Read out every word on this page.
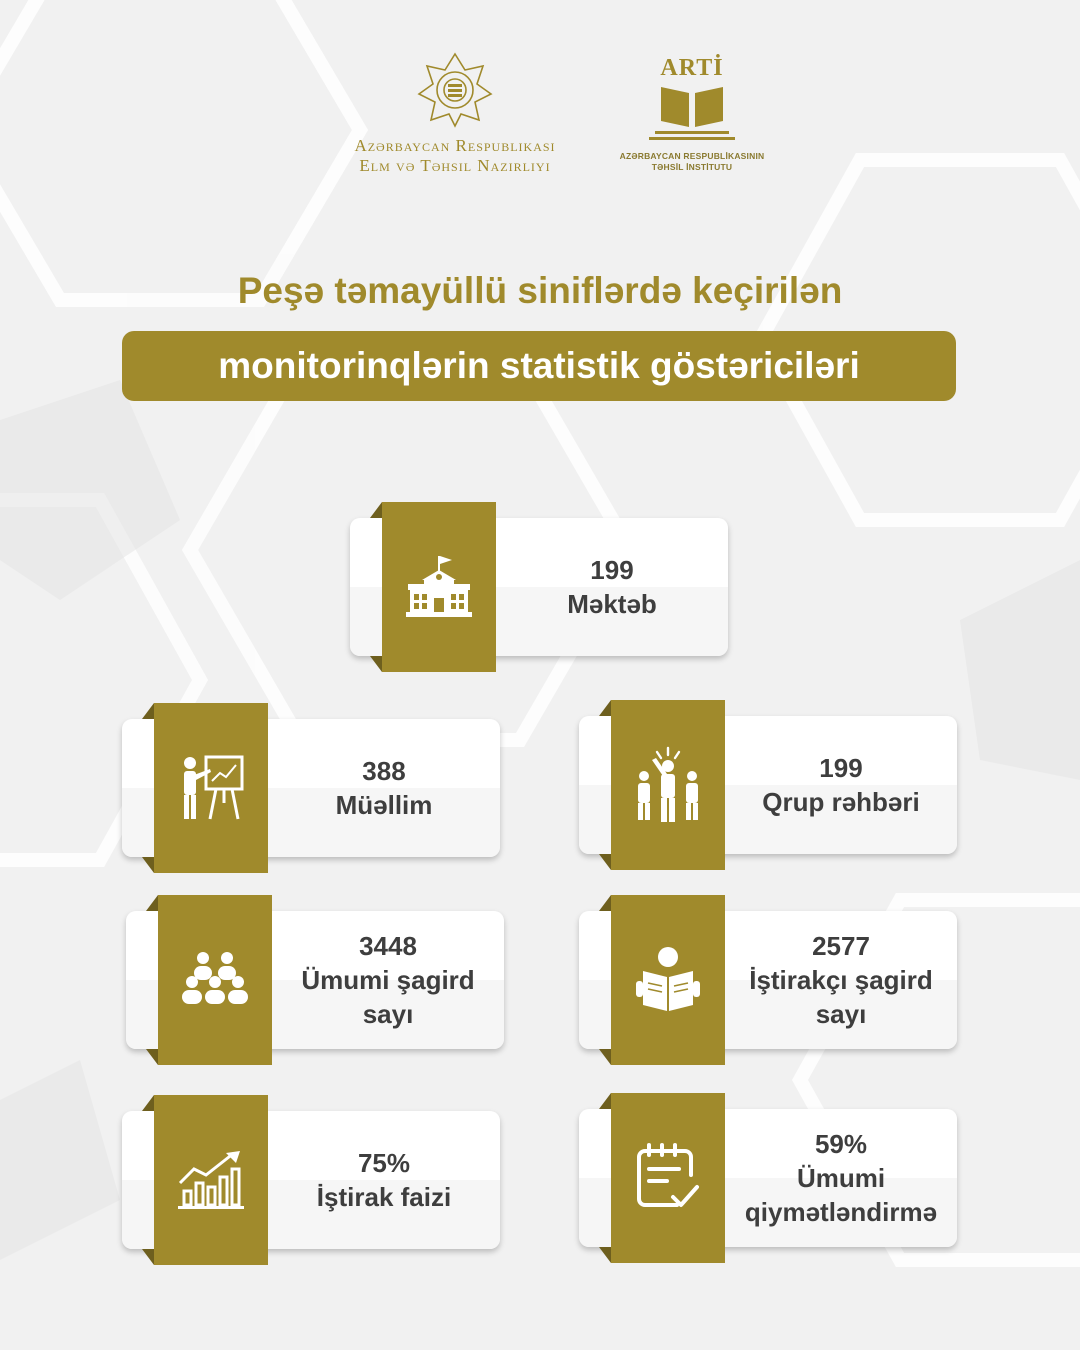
Azərbaycan Respublikası
Elm və Təhsil Nazirliyi
ARTİ
AZƏRBAYCAN RESPUBLİKASININ
TƏHSİL İNSTİTUTU
Peşə təmayüllü siniflərdə keçirilən
monitorinqlərin statistik göstəriciləri
199
Məktəb
388
Müəllim
199
Qrup rəhbəri
3448
Ümumi şagird sayı
2577
İştirakçı şagird sayı
75%
İştirak faizi
59%
Ümumi qiymətləndirmə
